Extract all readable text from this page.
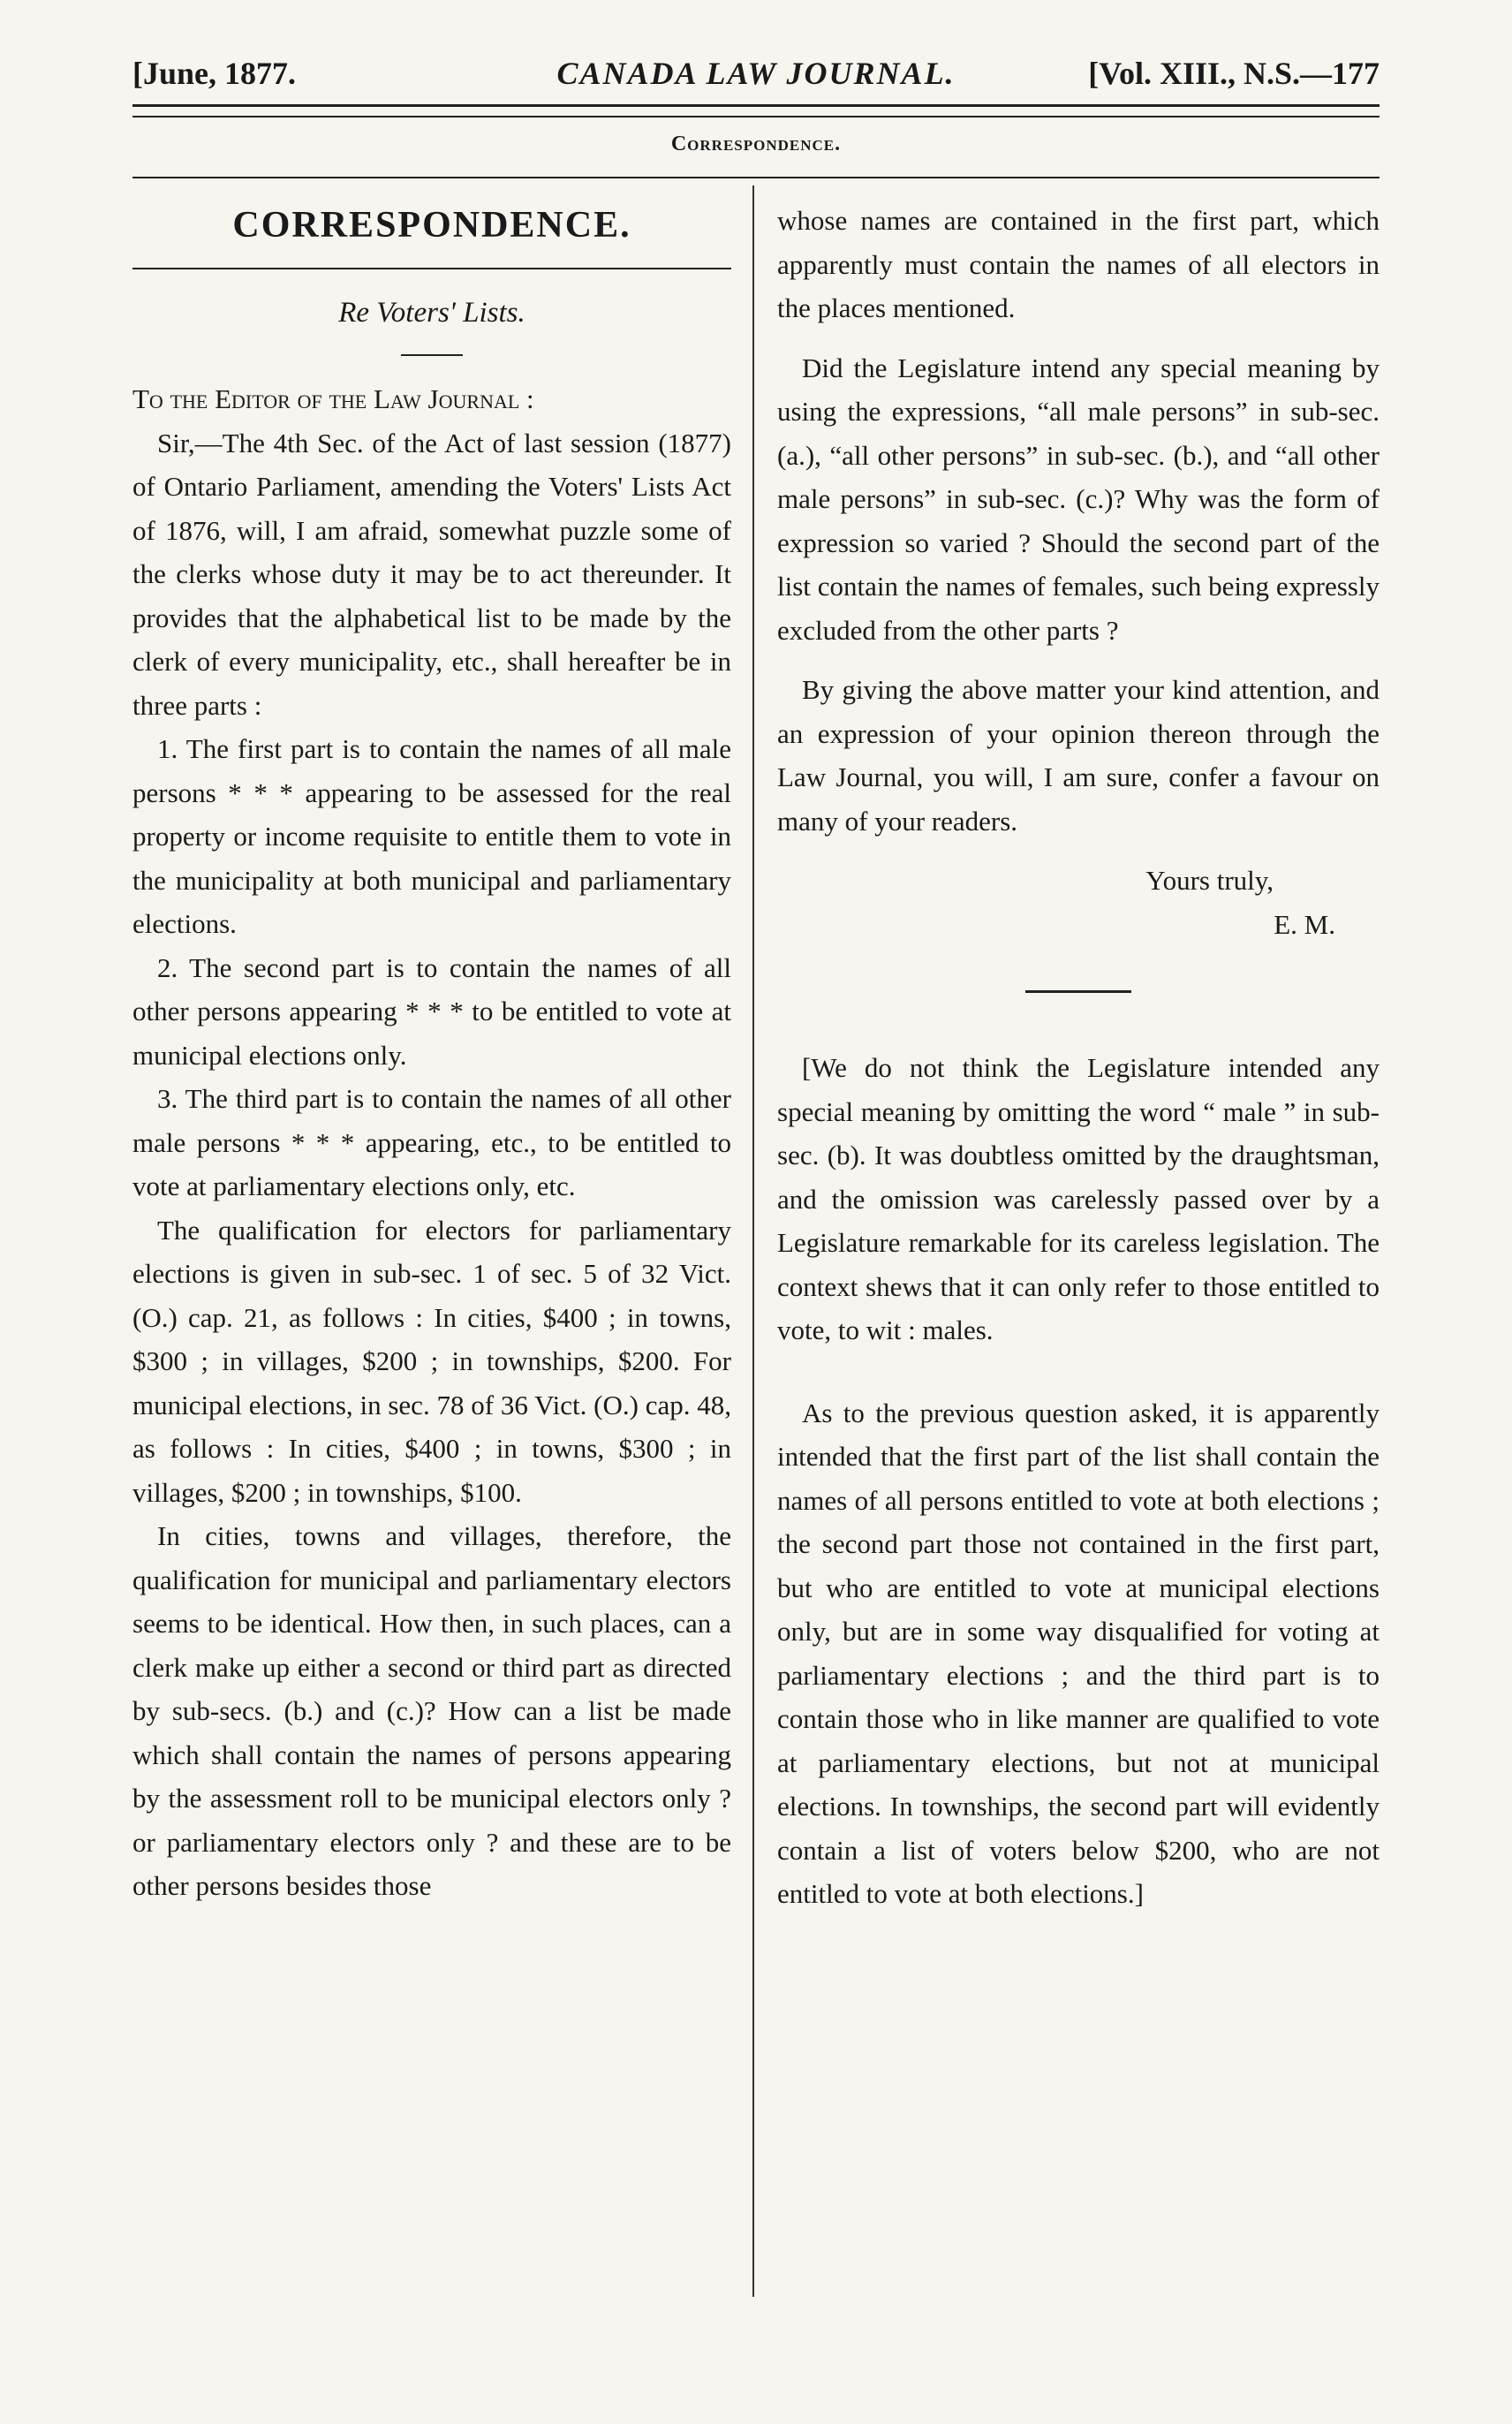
[June, 1877.	CANADA LAW JOURNAL.	[Vol. XIII., N.S.—177
Correspondence.

CORRESPONDENCE.

Re Voters' Lists.

To the Editor of the Law Journal :

Sir,—The 4th Sec. of the Act of last session (1877) of Ontario Parliament, amending the Voters' Lists Act of 1876, will, I am afraid, somewhat puzzle some of the clerks whose duty it may be to act thereunder. It provides that the alphabetical list to be made by the clerk of every municipality, etc., shall hereafter be in three parts :

1. The first part is to contain the names of all male persons * * * appearing to be assessed for the real property or income requisite to entitle them to vote in the municipality at both municipal and parliamentary elections.

2. The second part is to contain the names of all other persons appearing * * * to be entitled to vote at municipal elections only.

3. The third part is to contain the names of all other male persons * * * appearing, etc., to be entitled to vote at parliamentary elections only, etc.

The qualification for electors for parliamentary elections is given in sub-sec. 1 of sec. 5 of 32 Vict. (O.) cap. 21, as follows : In cities, $400 ; in towns, $300 ; in villages, $200 ; in townships, $200. For municipal elections, in sec. 78 of 36 Vict. (O.) cap. 48, as follows : In cities, $400 ; in towns, $300 ; in villages, $200 ; in townships, $100.

In cities, towns and villages, therefore, the qualification for municipal and parliamentary electors seems to be identical. How then, in such places, can a clerk make up either a second or third part as directed by sub-secs. (b.) and (c.)? How can a list be made which shall contain the names of persons appearing by the assessment roll to be municipal electors only ? or parliamentary electors only ? and these are to be other persons besides those

whose names are contained in the first part, which apparently must contain the names of all electors in the places mentioned.

Did the Legislature intend any special meaning by using the expressions, “all male persons” in sub-sec. (a.), “all other persons” in sub-sec. (b.), and “all other male persons” in sub-sec. (c.)? Why was the form of expression so varied ? Should the second part of the list contain the names of females, such being expressly excluded from the other parts ?

By giving the above matter your kind attention, and an expression of your opinion thereon through the Law Journal, you will, I am sure, confer a favour on many of your readers.

Yours truly,

E. M.

[We do not think the Legislature intended any special meaning by omitting the word “ male ” in sub-sec. (b). It was doubtless omitted by the draughtsman, and the omission was carelessly passed over by a Legislature remarkable for its careless legislation. The context shews that it can only refer to those entitled to vote, to wit : males.

As to the previous question asked, it is apparently intended that the first part of the list shall contain the names of all persons entitled to vote at both elections ; the second part those not contained in the first part, but who are entitled to vote at municipal elections only, but are in some way disqualified for voting at parliamentary elections ; and the third part is to contain those who in like manner are qualified to vote at parliamentary elections, but not at municipal elections. In townships, the second part will evidently contain a list of voters below $200, who are not entitled to vote at both elections.]
